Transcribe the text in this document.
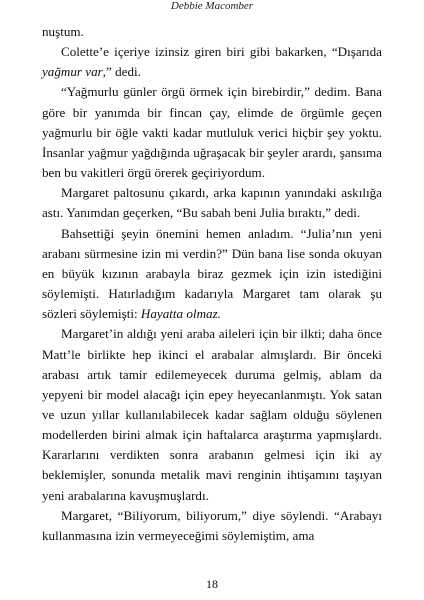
Debbie Macomber

nuştum.

Colette’e içeriye izinsiz giren biri gibi bakarken, “Dışarıda yağmur var,” dedi.

“Yağmurlu günler örgü örmek için birebirdir,” dedim. Bana göre bir yanımda bir fincan çay, elimde de örgümle geçen yağmurlu bir öğle vakti kadar mutluluk verici hiçbir şey yoktu. İnsanlar yağmur yağdığında uğraşacak bir şeyler arardı, şansıma ben bu vakitleri örgü örerek geçiriyordum.

Margaret paltosunu çıkardı, arka kapının yanındaki askılığa astı. Yanımdan geçerken, “Bu sabah beni Julia bıraktı,” dedi.

Bahsettiği şeyin önemini hemen anladım. “Julia’nın yeni arabanı sürmesine izin mi verdin?” Dün bana lise sonda okuyan en büyük kızının arabayla biraz gezmek için izin istediğini söylemişti. Hatırladığım kadarıyla Margaret tam olarak şu sözleri söylemişti: Hayatta olmaz.

Margaret’in aldığı yeni araba aileleri için bir ilkti; daha önce Matt’le birlikte hep ikinci el arabalar almışlardı. Bir önceki arabası artık tamir edilemeyecek duruma gelmiş, ablam da yepyeni bir model alacağı için epey heyecanlanmıştı. Yok satan ve uzun yıllar kullanılabilecek kadar sağlam olduğu söylenen modellerden birini almak için haftalarca araştırma yapmışlardı. Kararlarını verdikten sonra arabanın gelmesi için iki ay beklemişler, sonunda metalik mavi renginin ihtişamını taşıyan yeni arabalarına kavuşmuşlardı.

Margaret, “Biliyorum, biliyorum,” diye söylendi. “Arabayı kullanmasına izin vermeyeceğimi söylemiştim, ama

18
